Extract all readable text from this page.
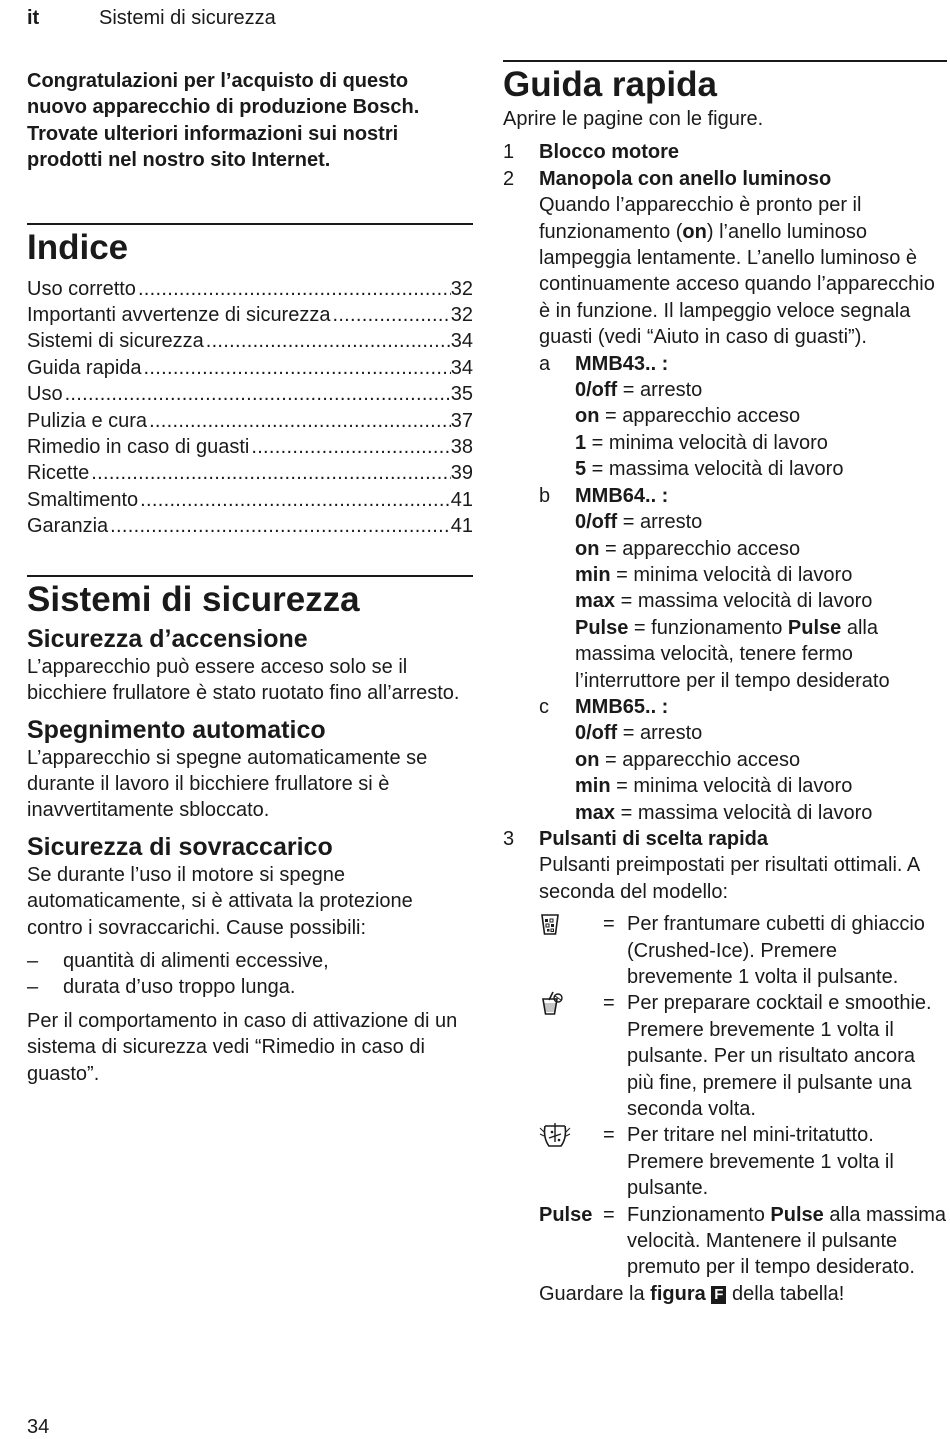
it	Sistemi di sicurezza

Congratulazioni per l’acquisto di questo nuovo apparecchio di produzione Bosch. Trovate ulteriori informazioni sui nostri prodotti nel nostro sito Internet.

Indice
Uso corretto .....	32
Importanti avvertenze di sicurezza .....	32
Sistemi di sicurezza .....	34
Guida rapida .....	34
Uso .....	35
Pulizia e cura .....	37
Rimedio in caso di guasti .....	38
Ricette .....	39
Smaltimento .....	41
Garanzia .....	41
Sistemi di sicurezza
Sicurezza d’accensione

L’apparecchio può essere acceso solo se il bicchiere frullatore è stato ruotato fino all’arresto.

Spegnimento automatico

L’apparecchio si spegne automaticamente se durante il lavoro il bicchiere frullatore si è inavvertitamente sbloccato.

Sicurezza di sovraccarico

Se durante l’uso il motore si spegne automaticamente, si è attivata la protezione contro i sovraccarichi. Cause possibili:

–	quantità di alimenti eccessive,
–	durata d’uso troppo lunga.

Per il comportamento in caso di attivazione di un sistema di sicurezza vedi “Rimedio in caso di guasto”.

Guida rapida

Aprire le pagine con le figure.

1	Blocco motore
2	Manopola con anello luminoso
Quando l’apparecchio è pronto per il funzionamento (on) l’anello luminoso lampeggia lentamente. L’anello luminoso è continuamente acceso quando l’apparecchio è in funzione. Il lampeggio veloce segnala guasti (vedi “Aiuto in caso di guasti”).
a	MMB43.. :
0/off = arresto
on = apparecchio acceso
1 = minima velocità di lavoro
5 = massima velocità di lavoro
b	MMB64.. :
0/off = arresto
on = apparecchio acceso
min = minima velocità di lavoro
max = massima velocità di lavoro
Pulse = funzionamento Pulse alla massima velocità, tenere fermo l’interruttore per il tempo desiderato
c	MMB65.. :
0/off = arresto
on = apparecchio acceso
min = minima velocità di lavoro
max = massima velocità di lavoro
3	Pulsanti di scelta rapida
Pulsanti preimpostati per risultati ottimali. A seconda del modello:
= Per frantumare cubetti di ghiaccio (Crushed-Ice). Premere brevemente 1 volta il pulsante.
= Per preparare cocktail e smoothie. Premere brevemente 1 volta il pulsante. Per un risultato ancora più fine, premere il pulsante una seconda volta.
= Per tritare nel mini-tritatutto. Premere brevemente 1 volta il pulsante.
Pulse = Funzionamento Pulse alla massima velocità. Mantenere il pulsante premuto per il tempo desiderato.
Guardare la figura F della tabella!
34
